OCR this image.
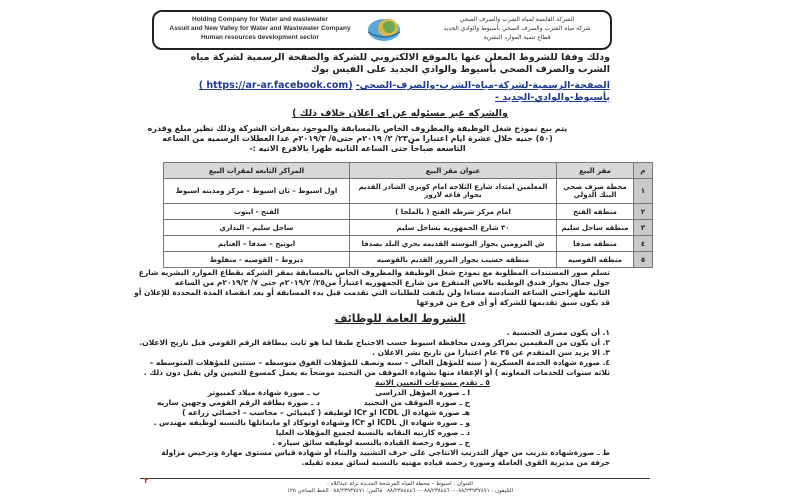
Holding Company for Water and wastewater
Assuit and New Valley for Water and Wastewater Company
Human resources development sector
الشركة القابضة لمياه الشرب والصرف الصحي
شركة مياه الشرب والصرف الصحي بأسيوط والوادي الجديد
قطاع تنمية الموارد البشرية
وذلك وفقا للشروط المعلن عنها بالموقع الالكتروني للشركة والصفحة الرسمية لشركة مياه
الشرب والصرف الصحي بأسيوط والوادي الجديد على الفيس بوك
الصفحة-الرسمية-لشركة-مياه-الشرب-والصرف-الصحي- (https://ar-ar.facebook.com )
بأسيوط-والوادي-الجديد -
والشركه غير مسئوله عن اى اعلان خلاف ذلك )
يتم بيع نموذج شغل الوظيفة والمظروف الخاص بالمسابقة والموجود بمقرات الشركة وذلك نظير مبلغ وقدره
(٥٠) جنيه خلال عشرة ايام اعتبارا من٢٣/ ٢/ ٢٠١٩م حتى٥/ ٢٠١٩/٣م عدا العطلات الرسميه من الساعه
التاسعه صباحاً حتى الساعه الثانيه ظهرا بالافرع الاتيه :-
م	مقر البيع	عنوان مقر البيع	المراكز التابعه لمقرات البيع
١	محطة صرف صحي البنك الدولي	المعلمين امتداد شارع الثلاجه امام كوبري الشادر القديم بجوار قاعه لاروز	اول اسيوط – ثان اسيوط – مركز ومدينه اسيوط
٢	منطقه الفتح	امام مركز شرطه الفتح ( بالملجا )	الفتح - ابنوب
٣	منطقه ساحل سليم	٣٠ شارع الجمهوريه بساحل سليم	ساحل سليم - البداري
٤	منطقه صدفا	ش المرومين بجوار البوسته القديمه بحري البلد بصدفا	ابوتيج – صدفا – الغنايم
٥	منطقه القوصيه	منطقه حسيب بجوار المرور القديم بالقوصيه	ديروط – القوصيه - منفلوط
تسلم صور المستندات المطلوبة مع نموذج شغل الوظيفة والمظروف الخاص بالمسابقة بمقر الشركه بقطاع الموارد البشريه شارع
جول جمال بجوار فندق الوطنيه بالاس المتفرع من شارع الجمهوريه اعتباراً من٢٥/ ٢٠١٩/٢م حتى ٧/ ٢٠١٩/٣م من الساعه
الثانيه ظهراحتي الساعه السادسه مساءا ولن يلتفت للطلبات التي تقدمت قبل بدء المسابقة أو بعد انقضاء المدة المحددة للإعلان أو
قد يكون سبق تقديمها للشركة أو أى فرع من فروعها
الشروط العامة للوظائف
١. أن يكون مصرى الجنسية .
٢. أن يكون من المقيمين بمراكز ومدن محافظة اسيوط حسب الاحتياج طبقا لما هو ثابت ببطاقة الرقم القومي قبل تاريخ الاعلان.
٣. الا يزيد سن المتقدم عن ٣٥ عام اعتبارا من تاريخ نشر الاعلان .
٤. صورة شهادة الخدمة العسكرية ( سنه للمؤهل العالي – سنه ونصف للمؤهلات الفوق متوسطه – سنتين للمؤهلات المتوسطه –
ثلاثه سنوات للخدمات المعاونه ) أو الإعفاء منها بشهادة الموقف من التجنيد موضحاً به يعمل كمسوغ للتعيين ولن يقبل دون ذلك .
٥ ـ تقدم مسوغات التعيين الاتية
ا ـ صورة المؤهل الدراسى
ب ـ صورة شهادة ميلاد كمبيوتر
ج ـ صوره الموقف من التجنيد
د ـ صورة بطاقه الرقم القومي وجهين ساريه
هـ صورة شهاده ال ICDL او IC٣ لوظيفه ( كيميائي – محاسب – اخصائي زراعه )
و ـ صورة شهاده ال ICDL او IC٣ وشهادة اوتوكاد او مايماثلها بالنسبه لوظيفه مهندس .
ذ ـ صوره كارنيه النقابه بالنسبة لجميع المؤهلات العليا
ح ـ صورة رخصة القيادة بالنسبه لوظيفه سائق سياره .
ط ـ صورةشهادة تدريب من جهاز التدريب الانتاجي على حرف التشييد والبناء أو شهادة قياس مستوى مهارة وترخيص مزاولة
حرفة من مديرية القوى العاملة وصوره رخصه قياده مهنيه بالنسبه لسائق معده ثقيله.
٢	العنوان : اسيوط – محطة المياه المرشحة الجديدة نزلة عبداللاه .
التليفون : ٠٨٨/٢٣٩٣٧٤٧١–٠٨٨/٢٣٨٤٤٦٠–٠٨٨/٢٣٨٤٤٤٦٠ فاكس: ٠٨٨/٢٣٩٣٧٤٧١ الخط الساخن ١٢٥
